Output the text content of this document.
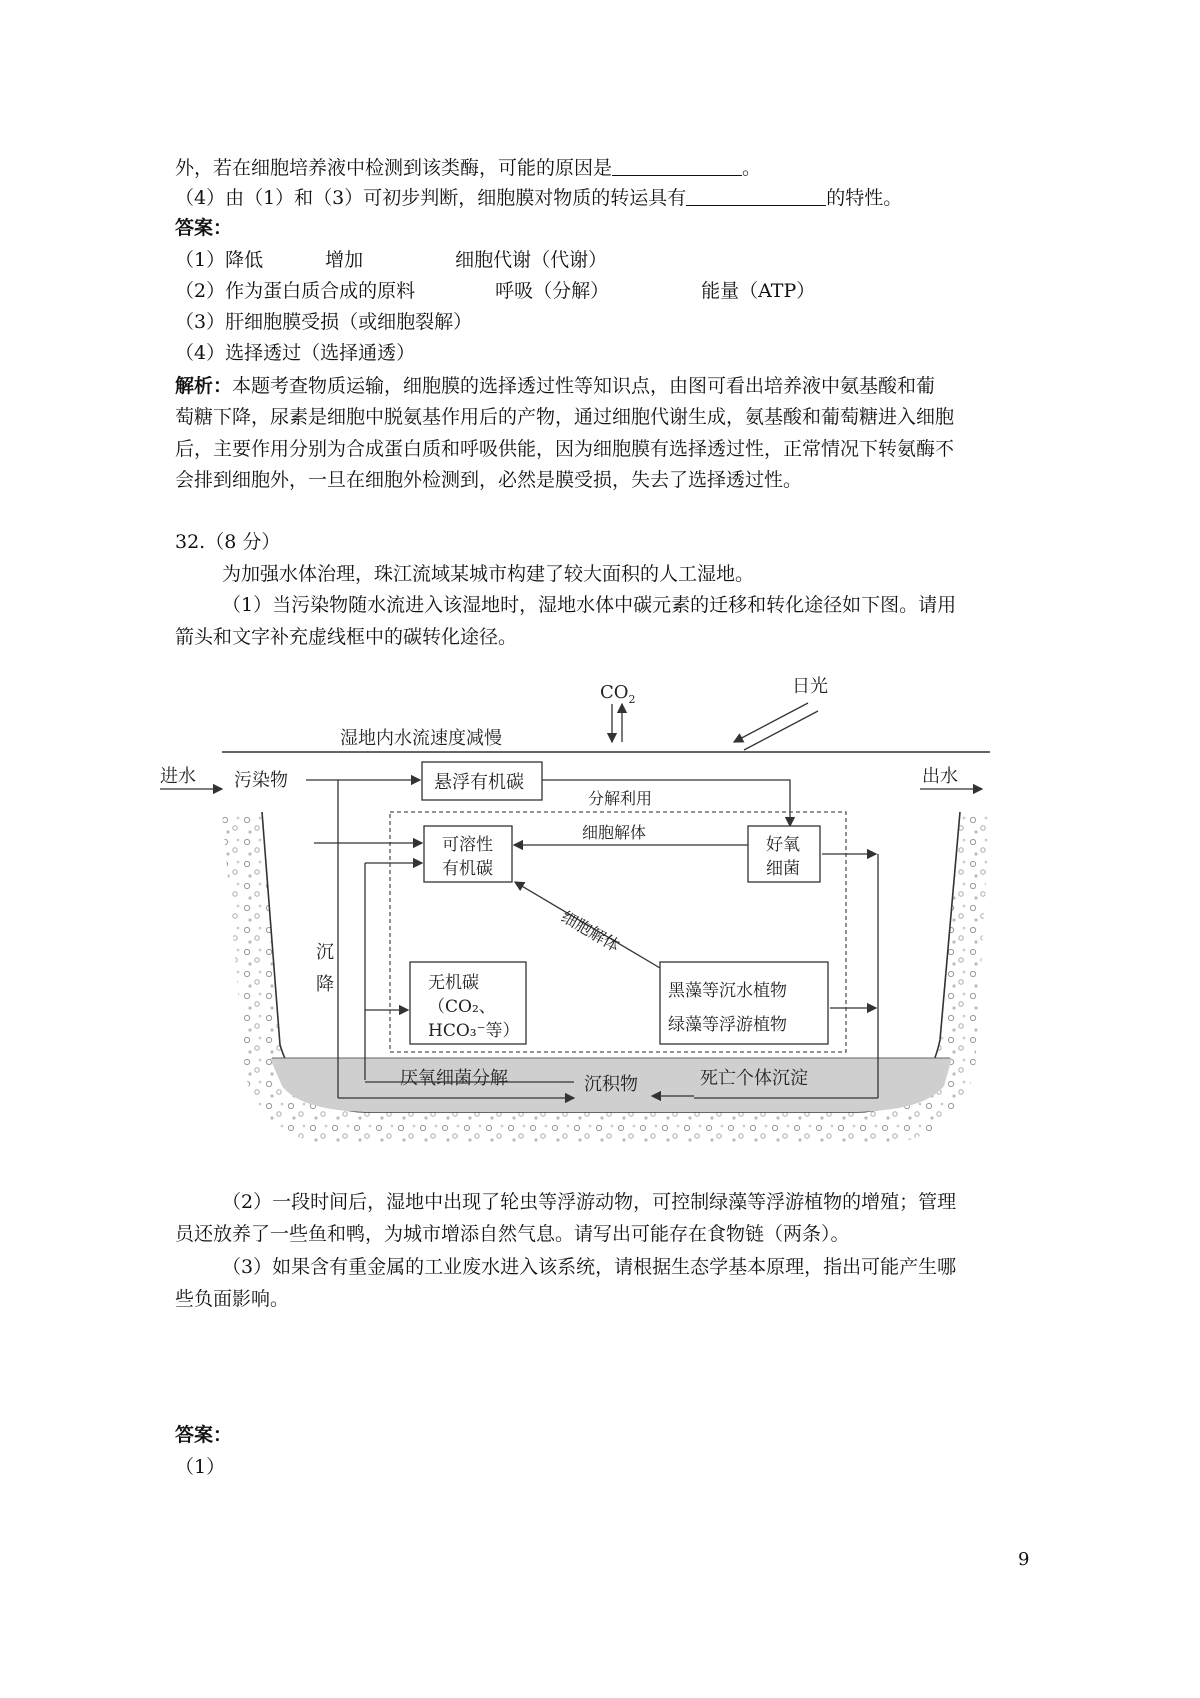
外，若在细胞培养液中检测到该类酶，可能的原因是	。
（4）由（1）和（3）可初步判断，细胞膜对物质的转运具有	的特性。
答案：
（1）降低	增加	细胞代谢（代谢）
（2）作为蛋白质合成的原料	呼吸（分解）	能量（ATP）
（3）肝细胞膜受损（或细胞裂解）
（4）选择透过（选择通透）
解析：本题考查物质运输，细胞膜的选择透过性等知识点，由图可看出培养液中氨基酸和葡
萄糖下降，尿素是细胞中脱氨基作用后的产物，通过细胞代谢生成，氨基酸和葡萄糖进入细胞
后，主要作用分别为合成蛋白质和呼吸供能，因为细胞膜有选择透过性，正常情况下转氨酶不
会排到细胞外，一旦在细胞外检测到，必然是膜受损，失去了选择透过性。
32.（8 分）
为加强水体治理，珠江流域某城市构建了较大面积的人工湿地。
（1）当污染物随水流进入该湿地时，湿地水体中碳元素的迁移和转化途径如下图。请用
箭头和文字补充虚线框中的碳转化途径。
$CO_2$
日光
湿地内水流速度减慢
进水	出水
污染物	悬浮有机碳
分解利用
可溶性
有机碳
细胞解体
好氧
细菌
细胞解体
沉
降	无机碳
（CO₂、
HCO₃⁻等）
黑藻等沉水植物
绿藻等浮游植物
厌氧细菌分解	沉积物	死亡个体沉淀
（2）一段时间后，湿地中出现了轮虫等浮游动物，可控制绿藻等浮游植物的增殖；管理
员还放养了一些鱼和鸭，为城市增添自然气息。请写出可能存在食物链（两条）。
（3）如果含有重金属的工业废水进入该系统，请根据生态学基本原理，指出可能产生哪
些负面影响。
答案：
（1）
9
